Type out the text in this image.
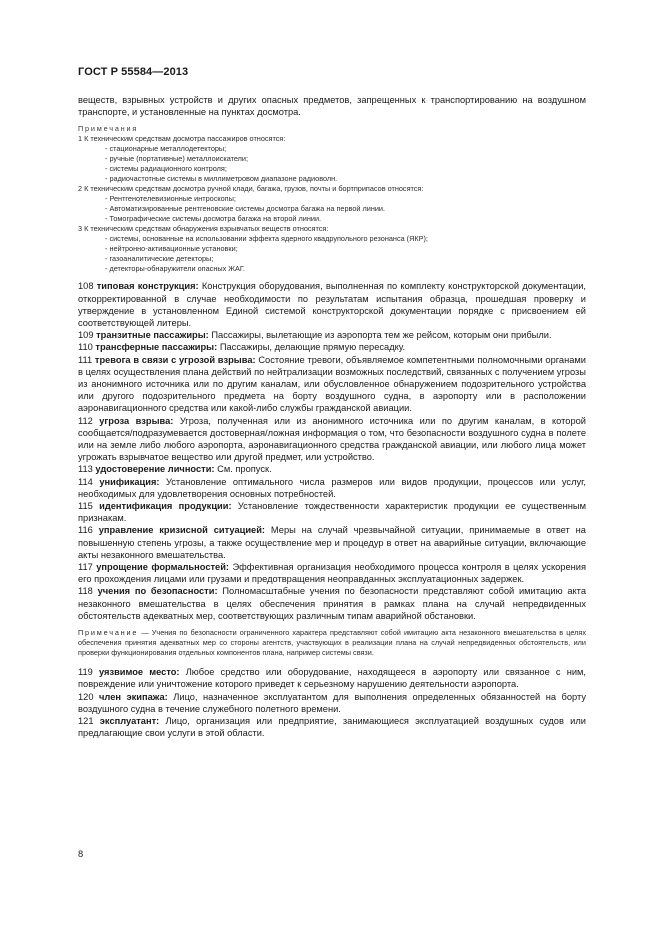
ГОСТ Р 55584—2013

веществ, взрывных устройств и других опасных предметов, запрещенных к транспортированию на воздушном транспорте, и установленные на пунктах досмотра.

Примечания
1 К техническим средствам досмотра пассажиров относятся:
- стационарные металлодетекторы;
- ручные (портативные) металлоискатели;
- системы радиационного контроля;
- радиочастотные системы в миллиметровом диапазоне радиоволн.
2 К техническим средствам досмотра ручной клади, багажа, грузов, почты и бортприпасов относятся:
- Рентгенотелевизионные интроскопы;
- Автоматизированные рентгеновские системы досмотра багажа на первой линии.
- Томографические системы досмотра багажа на второй линии.
3 К техническим средствам обнаружения взрывчатых веществ относятся:
- системы, основанные на использовании эффекта ядерного квадрупольного резонанса (ЯКР);
- нейтронно-активационные установки;
- газоаналитические детекторы;
- детекторы-обнаружители опасных ЖАГ.

108 типовая конструкция: Конструкция оборудования, выполненная по комплекту конструкторской документации, откорректированной в случае необходимости по результатам испытания образца, прошедшая проверку и утверждение в установленном Единой системой конструкторской документации порядке с присвоением ей соответствующей литеры.

109 транзитные пассажиры: Пассажиры, вылетающие из аэропорта тем же рейсом, которым они прибыли.

110 трансферные пассажиры: Пассажиры, делающие прямую пересадку.

111 тревога в связи с угрозой взрыва: Состояние тревоги, объявляемое компетентными полномочными органами в целях осуществления плана действий по нейтрализации возможных последствий, связанных с получением угрозы из анонимного источника или по другим каналам, или обусловленное обнаружением подозрительного устройства или другого подозрительного предмета на борту воздушного судна, в аэропорту или в расположении аэронавигационного средства или какой-либо службы гражданской авиации.

112 угроза взрыва: Угроза, полученная или из анонимного источника или по другим каналам, в которой сообщается/подразумевается достоверная/ложная информация о том, что безопасности воздушного судна в полете или на земле либо любого аэропорта, аэронавигационного средства гражданской авиации, или любого лица может угрожать взрывчатое вещество или другой предмет, или устройство.

113 удостоверение личности: См. пропуск.

114 унификация: Установление оптимального числа размеров или видов продукции, процессов или услуг, необходимых для удовлетворения основных потребностей.

115 идентификация продукции: Установление тождественности характеристик продукции ее существенным признакам.

116 управление кризисной ситуацией: Меры на случай чрезвычайной ситуации, принимаемые в ответ на повышенную степень угрозы, а также осуществление мер и процедур в ответ на аварийные ситуации, включающие акты незаконного вмешательства.

117 упрощение формальностей: Эффективная организация необходимого процесса контроля в целях ускорения его прохождения лицами или грузами и предотвращения неоправданных эксплуатационных задержек.

118 учения по безопасности: Полномасштабные учения по безопасности представляют собой имитацию акта незаконного вмешательства в целях обеспечения принятия в рамках плана на случай непредвиденных обстоятельств адекватных мер, соответствующих различным типам аварийной обстановки.

Примечание — Учения по безопасности ограниченного характера представляют собой имитацию акта незаконного вмешательства в целях обеспечения принятия адекватных мер со стороны агентств, участвующих в реализации плана на случай непредвиденных обстоятельств, или проверки функционирования отдельных компонентов плана, например системы связи.

119 уязвимое место: Любое средство или оборудование, находящееся в аэропорту или связанное с ним, повреждение или уничтожение которого приведет к серьезному нарушению деятельности аэропорта.

120 член экипажа: Лицо, назначенное эксплуатантом для выполнения определенных обязанностей на борту воздушного судна в течение служебного полетного времени.

121 эксплуатант: Лицо, организация или предприятие, занимающиеся эксплуатацией воздушных судов или предлагающие свои услуги в этой области.

8
